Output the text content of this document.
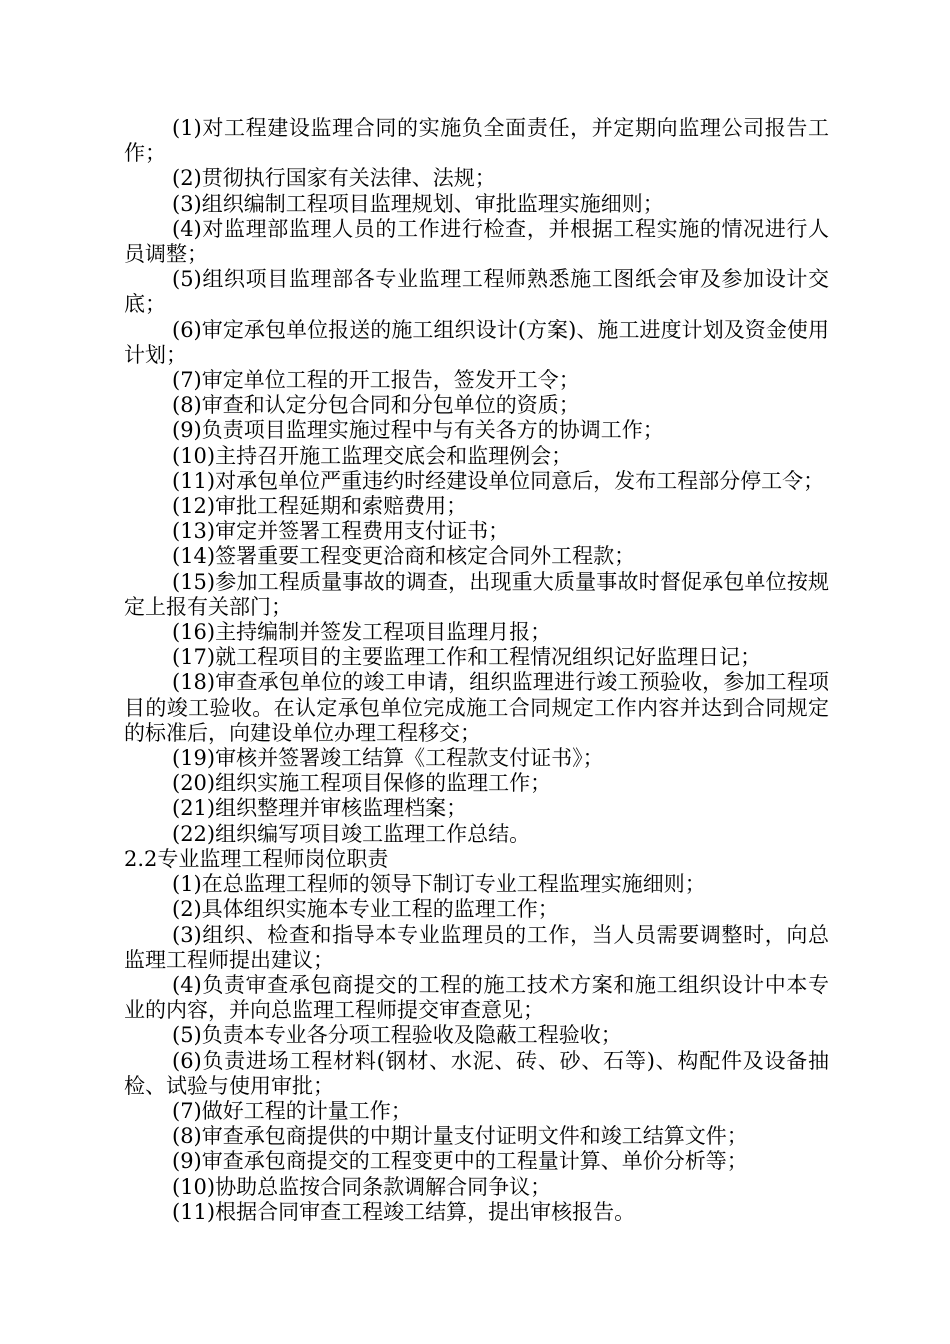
(1)对工程建设监理合同的实施负全面责任，并定期向监理公司报告工作；

(2)贯彻执行国家有关法律、法规；

(3)组织编制工程项目监理规划、审批监理实施细则；

(4)对监理部监理人员的工作进行检查，并根据工程实施的情况进行人员调整；

(5)组织项目监理部各专业监理工程师熟悉施工图纸会审及参加设计交底；

(6)审定承包单位报送的施工组织设计(方案)、施工进度计划及资金使用计划；

(7)审定单位工程的开工报告，签发开工令；

(8)审查和认定分包合同和分包单位的资质；

(9)负责项目监理实施过程中与有关各方的协调工作；

(10)主持召开施工监理交底会和监理例会；

(11)对承包单位严重违约时经建设单位同意后，发布工程部分停工令；

(12)审批工程延期和索赔费用；

(13)审定并签署工程费用支付证书；

(14)签署重要工程变更洽商和核定合同外工程款；

(15)参加工程质量事故的调查，出现重大质量事故时督促承包单位按规定上报有关部门；

(16)主持编制并签发工程项目监理月报；

(17)就工程项目的主要监理工作和工程情况组织记好监理日记；

(18)审查承包单位的竣工申请，组织监理进行竣工预验收，参加工程项目的竣工验收。在认定承包单位完成施工合同规定工作内容并达到合同规定的标准后，向建设单位办理工程移交；

(19)审核并签署竣工结算《工程款支付证书》；

(20)组织实施工程项目保修的监理工作；

(21)组织整理并审核监理档案；

(22)组织编写项目竣工监理工作总结。

2.2专业监理工程师岗位职责

(1)在总监理工程师的领导下制订专业工程监理实施细则；

(2)具体组织实施本专业工程的监理工作；

(3)组织、检查和指导本专业监理员的工作，当人员需要调整时，向总监理工程师提出建议；

(4)负责审查承包商提交的工程的施工技术方案和施工组织设计中本专业的内容，并向总监理工程师提交审查意见；

(5)负责本专业各分项工程验收及隐蔽工程验收；

(6)负责进场工程材料(钢材、水泥、砖、砂、石等)、构配件及设备抽检、试验与使用审批；

(7)做好工程的计量工作；

(8)审查承包商提供的中期计量支付证明文件和竣工结算文件；

(9)审查承包商提交的工程变更中的工程量计算、单价分析等；

(10)协助总监按合同条款调解合同争议；

(11)根据合同审查工程竣工结算，提出审核报告。
